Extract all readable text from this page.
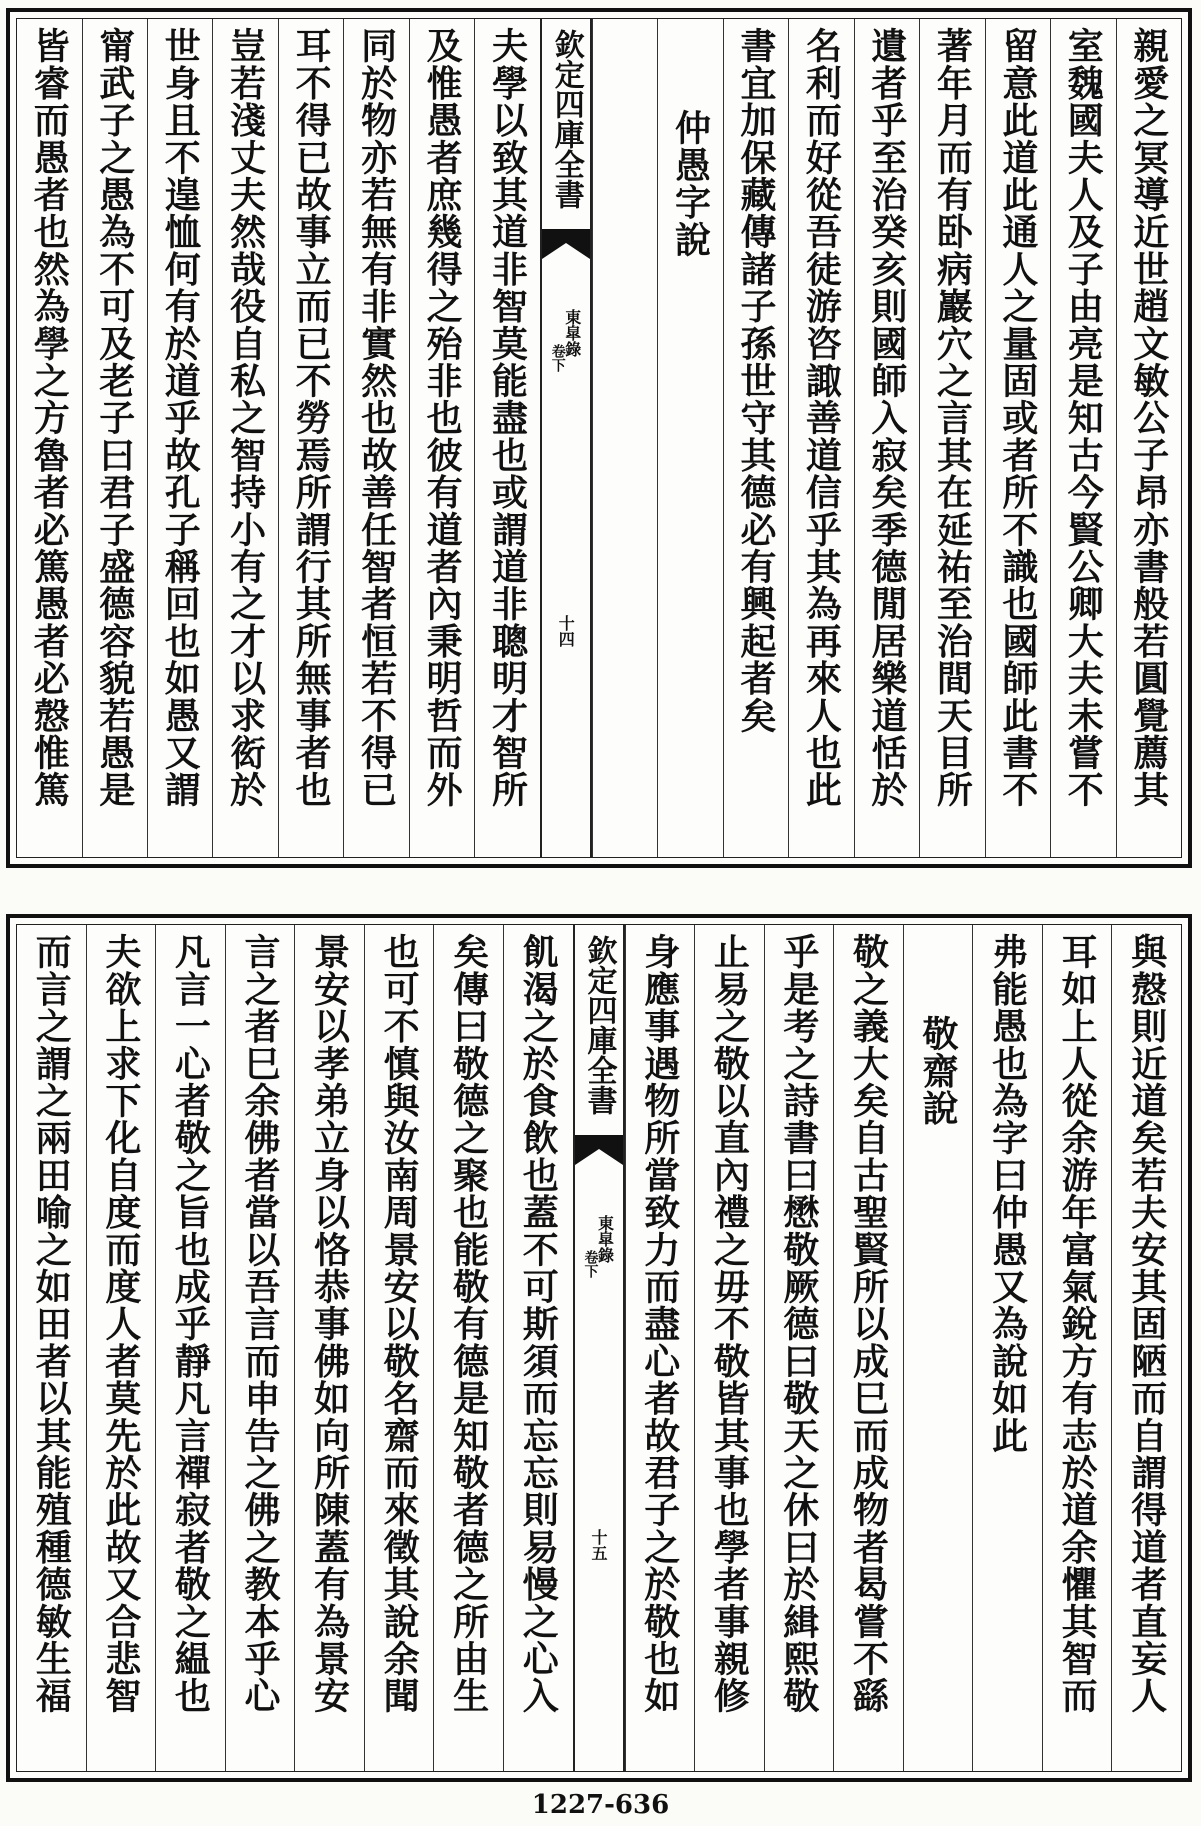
親愛之冥導近世趙文敏公子昂亦書般若圓覺薦其
室魏國夫人及子由亮是知古今賢公卿大夫未嘗不
留意此道此通人之量固或者所不識也國師此書不
著年月而有卧病巖穴之言其在延祐至治間天目所
遺者乎至治癸亥則國師入寂矣季德閒居樂道恬於
名利而好從吾徒游咨諏善道信乎其為再來人也此
書宜加保藏傳諸子孫世守其德必有興起者矣
仲愚字說
欽定四庫全書
東皐錄
卷下
十四
夫學以致其道非智莫能盡也或謂道非聰明才智所
及惟愚者庶幾得之殆非也彼有道者內秉明哲而外
同於物亦若無有非實然也故善任智者恒若不得已
耳不得已故事立而已不勞焉所謂行其所無事者也
豈若淺丈夫然哉役自私之智持小有之才以求衒於
世身且不遑恤何有於道乎故孔子稱回也如愚又謂
甯武子之愚為不可及老子曰君子盛德容貌若愚是
皆睿而愚者也然為學之方魯者必篤愚者必慤惟篤
與慤則近道矣若夫安其固陋而自謂得道者直妄人
耳如上人從余游年富氣銳方有志於道余懼其智而
弗能愚也為字曰仲愚又為說如此
敬齋說
敬之義大矣自古聖賢所以成巳而成物者曷嘗不繇
乎是考之詩書曰懋敬厥德曰敬天之休曰於緝熙敬
止易之敬以直內禮之毋不敬皆其事也學者事親修
身應事遇物所當致力而盡心者故君子之於敬也如
欽定四庫全書
東皐錄
卷下
十五
飢渴之於食飲也蓋不可斯須而忘忘則易慢之心入
矣傳曰敬德之聚也能敬有德是知敬者德之所由生
也可不慎與汝南周景安以敬名齋而來徵其說余聞
景安以孝弟立身以恪恭事佛如向所陳蓋有為景安
言之者巳余佛者當以吾言而申告之佛之教本乎心
凡言一心者敬之旨也成乎靜凡言禪寂者敬之緼也
夫欲上求下化自度而度人者莫先於此故又合悲智
而言之謂之兩田喻之如田者以其能殖種德敏生福
1227-636
